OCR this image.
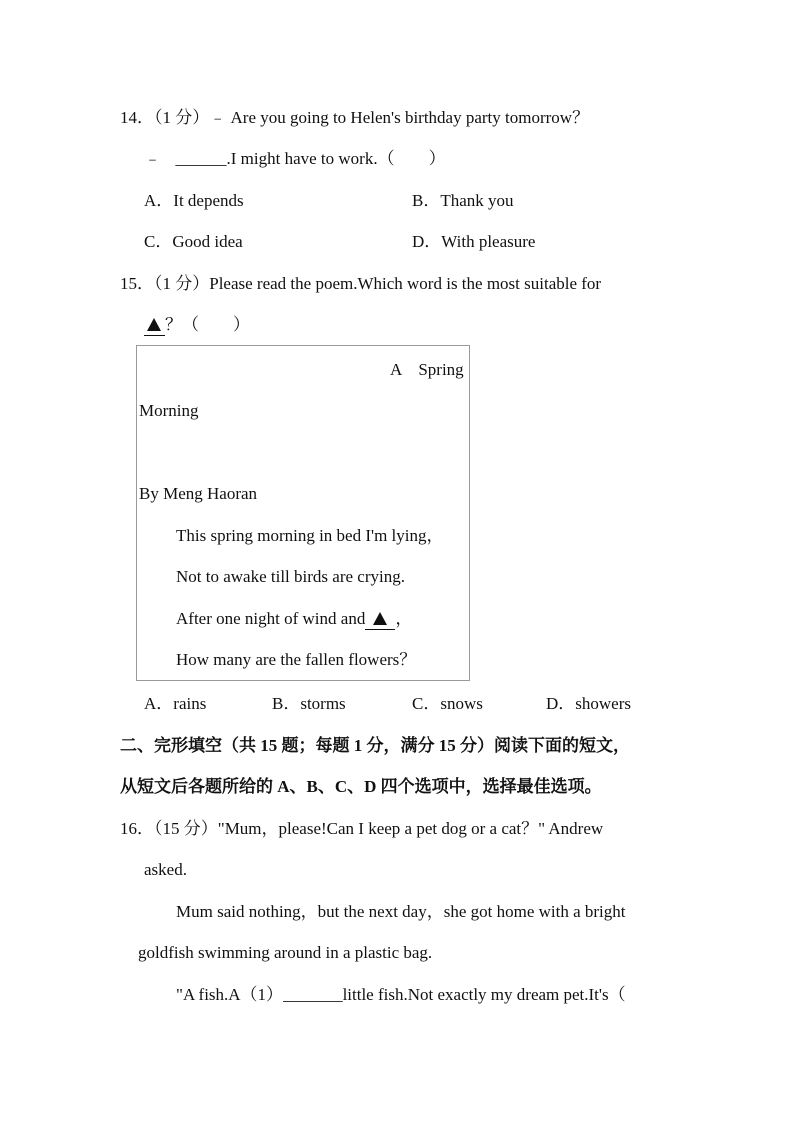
14．（1 分）﹣ Are you going to Helen's birthday party tomorrow？
﹣ ______.I might have to work.（　　）
A．It depends	B．Thank you
C．Good idea	D．With pleasure
15．（1 分）Please read the poem.Which word is the most suitable for
？（　　）
A　Spring
Morning
By Meng Haoran
This spring morning in bed I'm lying，
Not to awake till birds are crying.
After one night of wind and ，
How many are the fallen flowers？
A．rains	B．storms	C．snows	D．showers
二、完形填空（共 15 题；每题 1 分，满分 15 分）阅读下面的短文，
从短文后各题所给的 A、B、C、D 四个选项中，选择最佳选项。
16．（15 分）"Mum，please!Can I keep a pet dog or a cat？" Andrew
asked.
Mum said nothing，but the next day，she got home with a bright
goldfish swimming around in a plastic bag.
"A fish.A（1）_______little fish.Not exactly my dream pet.It's（
